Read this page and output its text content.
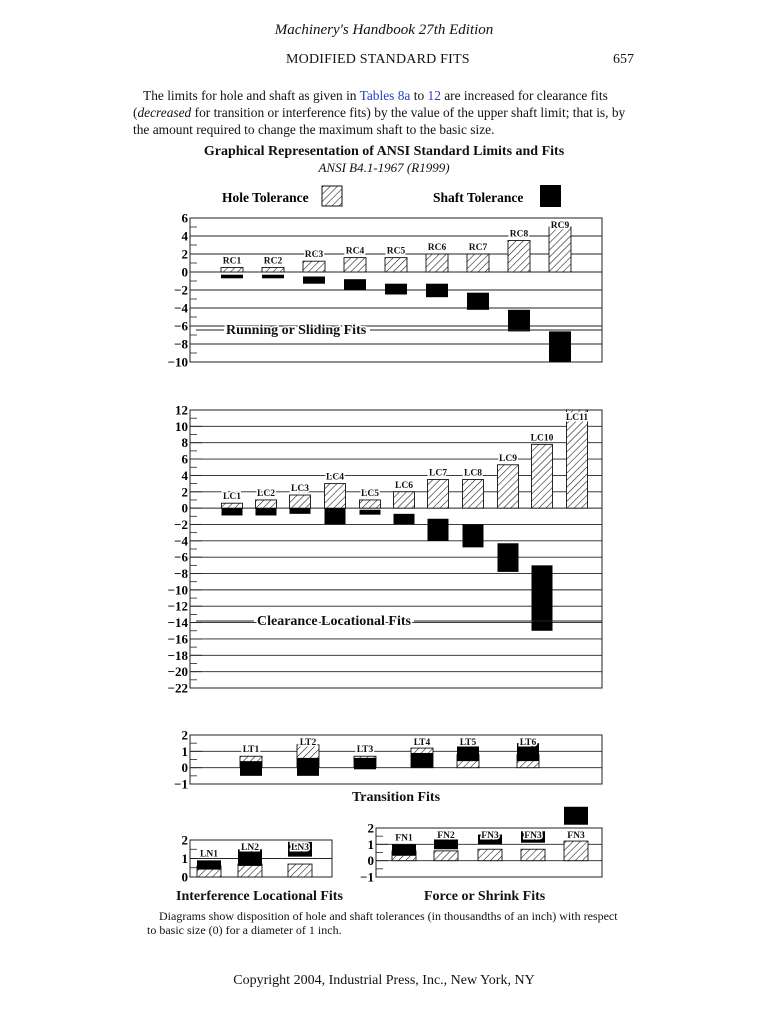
Machinery's Handbook 27th Edition
MODIFIED STANDARD FITS	657

The limits for hole and shaft as given in Tables 8a to 12 are increased for clearance fits (decreased for transition or interference fits) by the value of the upper shaft limit; that is, by the amount required to change the maximum shaft to the basic size.

Graphical Representation of ANSI Standard Limits and Fits
ANSI B4.1-1967 (R1999)
Hole Tolerance	Shaft Tolerance
6
4
2
0
−2
−4
−6
−8
−10
RC1 RC2
RC3 RC4 RC5 RC6 RC7
RC8
RC9
Running or Sliding Fits
12
10
8
6
4
2
0
−2
−4
−6
−8
−10
−12
−14
−16
−18
−20
−22
LC1 LC2 LC3
LC4
LC5
LC6
LC7 LC8
LC9
LC10
LC11
Clearance Locational Fits
2
1
0
−1
LT1
LT2
LT3
LT4	LT5	LT6
Transition Fits
2
1
0
LN1
LN2	LN3
Interference Locational Fits
2
1
0
−1
FN1	FN2	FN3	FN3	FN3
Force or Shrink Fits
Diagrams show disposition of hole and shaft tolerances (in thousandths of an inch) with respect to basic size (0) for a diameter of 1 inch.
Copyright 2004, Industrial Press, Inc., New York, NY
